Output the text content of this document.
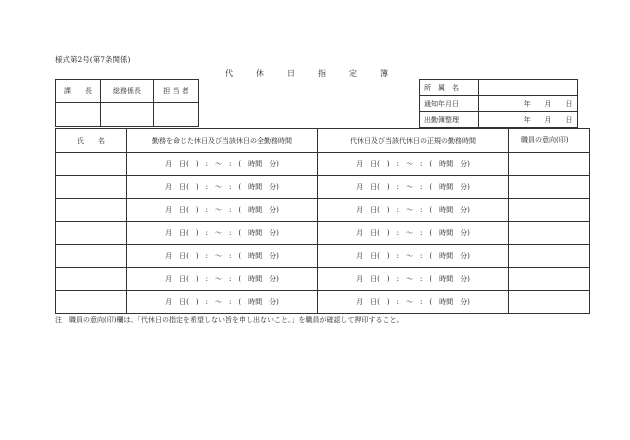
様式第2号(第7条関係)
代	休	日	指	定	簿
課　　長	総務係長	担 当 者
			所　属　名	
通知年月日	年　　月　　日
出勤簿整理	年　　月　　日
氏　　名	勤務を命じた休日及び当該休日の全勤務時間	代休日及び当該代休日の正規の勤務時間	職員の意向(印)
	月　日(　)　:　～　:　(　時間　分)	月　日(　)　:　～　:　(　時間　分)	
	月　日(　)　:　～　:　(　時間　分)	月　日(　)　:　～　:　(　時間　分)	
	月　日(　)　:　～　:　(　時間　分)	月　日(　)　:　～　:　(　時間　分)	
	月　日(　)　:　～　:　(　時間　分)	月　日(　)　:　～　:　(　時間　分)	
	月　日(　)　:　～　:　(　時間　分)	月　日(　)　:　～　:　(　時間　分)	
	月　日(　)　:　～　:　(　時間　分)	月　日(　)　:　～　:　(　時間　分)	
	月　日(　)　:　～　:　(　時間　分)	月　日(　)　:　～　:　(　時間　分)	
注　職員の意向(印)欄は、「代休日の指定を希望しない旨を申し出ないこと。」を職員が確認して押印すること。
